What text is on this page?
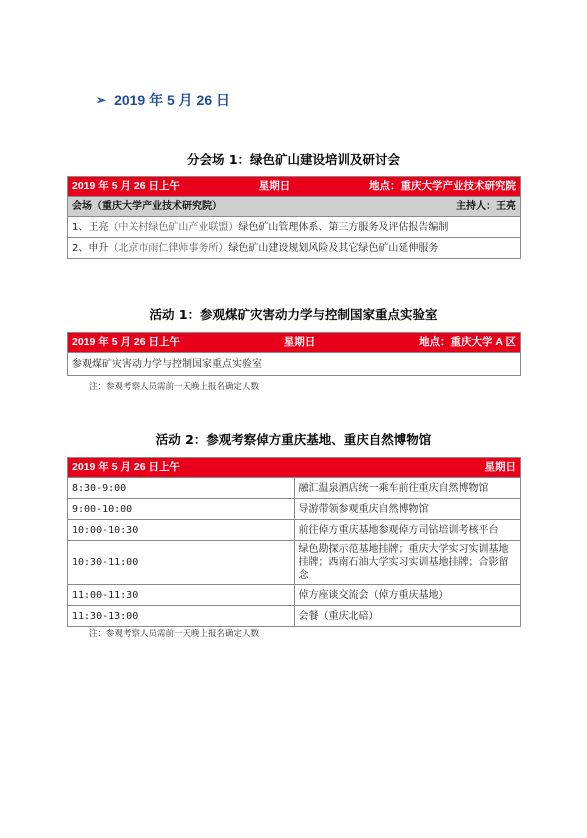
➢ 2019 年 5 月 26 日
分会场 1：绿色矿山建设培训及研讨会
2019 年 5 月 26 日上午	星期日	地点：重庆大学产业技术研究院

会场（重庆大学产业技术研究院）	主持人：王亮

1、王亮（中关村绿色矿山产业联盟）绿色矿山管理体系、第三方服务及评估报告编制
2、申升（北京市雨仁律师事务所）绿色矿山建设规划风险及其它绿色矿山延伸服务
活动 1：参观煤矿灾害动力学与控制国家重点实验室
2019 年 5 月 26 日上午	星期日	地点：重庆大学 A 区

参观煤矿灾害动力学与控制国家重点实验室
注：参观考察人员需前一天晚上报名确定人数
活动 2：参观考察倬方重庆基地、重庆自然博物馆
2019 年 5 月 26 日上午 星期日	

8:30-9:00	融汇温泉酒店统一乘车前往重庆自然博物馆
9:00-10:00	导游带领参观重庆自然博物馆
10:00-10:30	前往倬方重庆基地参观倬方司钻培训考核平台
10:30-11:00	绿色勘探示范基地挂牌；重庆大学实习实训基地挂牌；西南石油大学实习实训基地挂牌；合影留念
11:00-11:30	倬方座谈交流会（倬方重庆基地）
11:30-13:00	会餐（重庆北碚）
注：参观考察人员需前一天晚上报名确定人数
